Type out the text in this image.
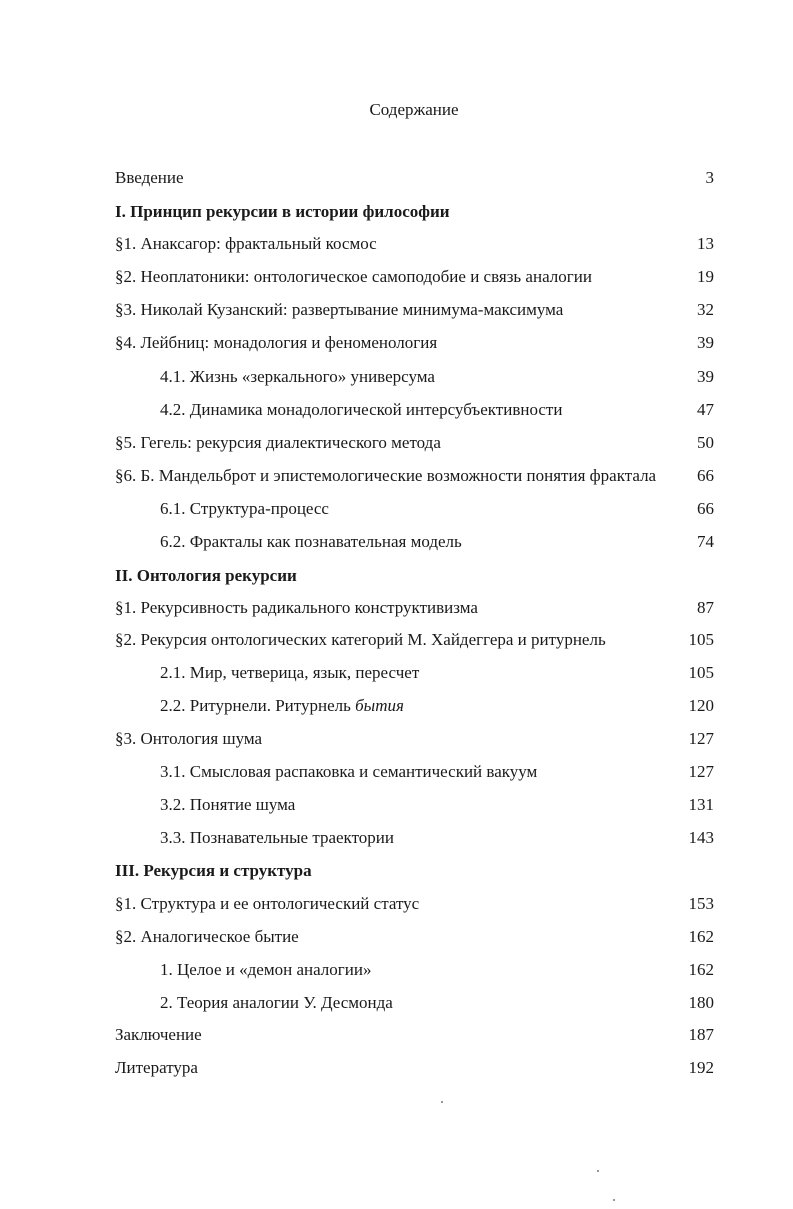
Содержание
Введение	3
I. Принцип рекурсии в истории философии
§1. Анаксагор: фрактальный космос	13
§2. Неоплатоники: онтологическое самоподобие и связь аналогии	19
§3. Николай Кузанский: развертывание минимума-максимума	32
§4. Лейбниц: монадология и феноменология	39
4.1. Жизнь «зеркального» универсума	39
4.2. Динамика монадологической интерсубъективности	47
§5. Гегель: рекурсия диалектического метода	50
§6. Б. Мандельброт и эпистемологические возможности понятия фрактала 66
6.1. Структура-процесс	66
6.2. Фракталы как познавательная модель	74
II. Онтология рекурсии
§1. Рекурсивность радикального конструктивизма	87
§2. Рекурсия онтологических категорий М. Хайдеггера и ритурнель	105
2.1. Мир, четверица, язык, пересчет	105
2.2. Ритурнели. Ритурнель бытия	120
§3. Онтология шума	127
3.1. Смысловая распаковка и семантический вакуум	127
3.2. Понятие шума	131
3.3. Познавательные траектории	143
III. Рекурсия и структура
§1. Структура и ее онтологический статус	153
§2. Аналогическое бытие	162
1. Целое и «демон аналогии»	162
2. Теория аналогии У. Десмонда	180
Заключение	187
Литература	192
